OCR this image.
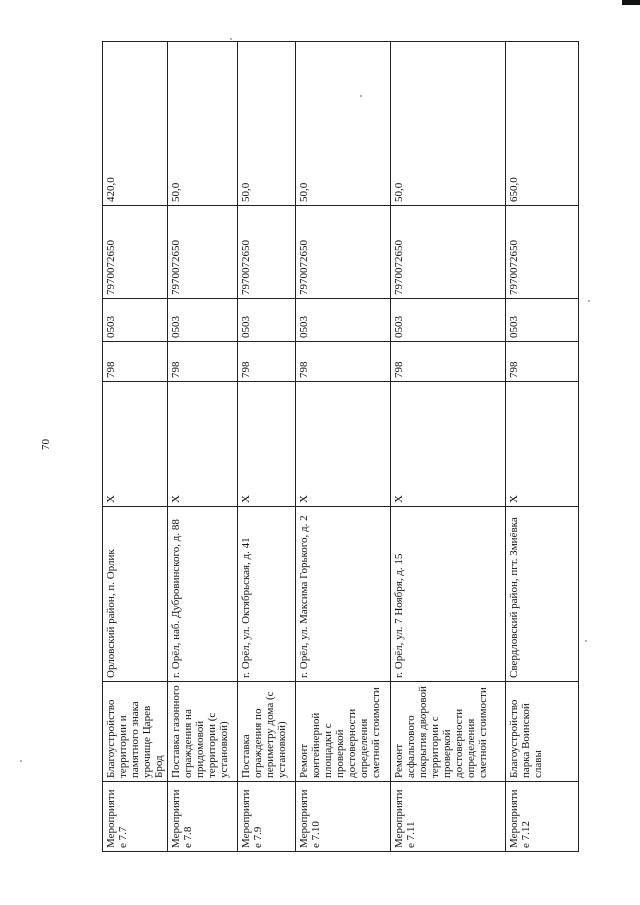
70
Мероприятие 7.7	Благоустройство территории и памятного знака урочище Царев Брод	Орловский район, п. Орлик	Х	798	0503	7970072650	420,0
Мероприятие 7.8	Поставка газонного ограждения на придомовой территории (с установкой)	г. Орёл, наб. Дубровинского, д. 88	Х	798	0503	7970072650	50,0
Мероприятие 7.9	Поставка ограждения по периметру дома (с установкой)	г. Орёл, ул. Октябрьская, д. 41	Х	798	0503	7970072650	50,0
Мероприятие 7.10	Ремонт контейнерной площадки с проверкой достоверности определения сметной стоимости	г. Орёл, ул. Максима Горького, д. 2	Х	798	0503	7970072650	50,0
Мероприятие 7.11	Ремонт асфальтового покрытия дворовой территории с проверкой достоверности определения сметной стоимости	г. Орёл, ул. 7 Ноября, д. 15	Х	798	0503	7970072650	50,0
Мероприятие 7.12	Благоустройство парка Воинской славы	Свердловский район, пгт. Змиёвка	Х	798	0503	7970072650	650,0
